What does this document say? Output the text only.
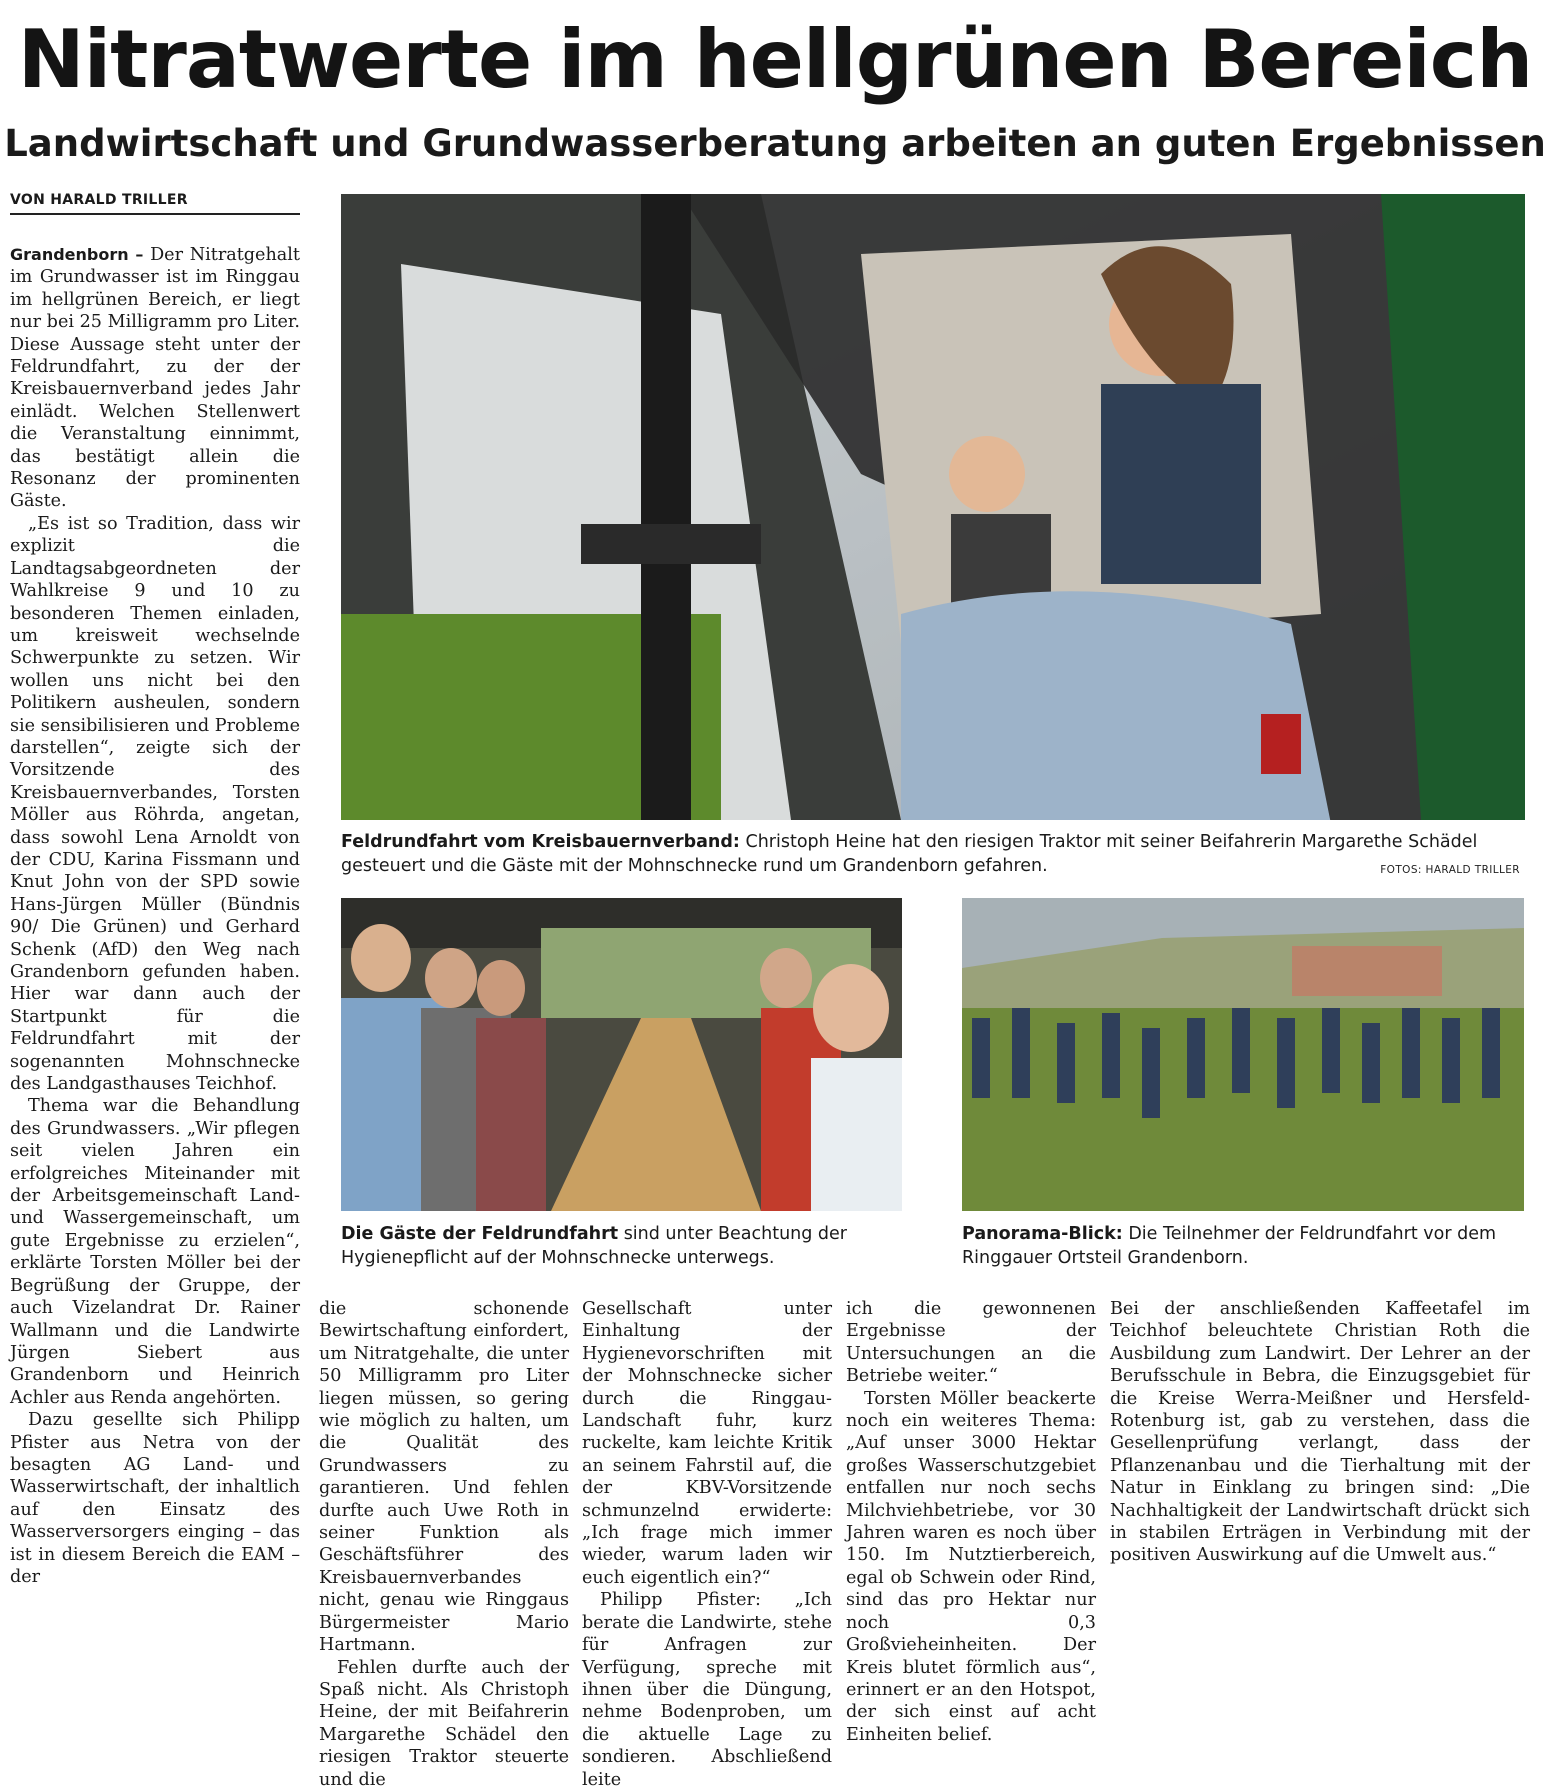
Nitratwerte im hellgrünen Bereich
Landwirtschaft und Grundwasserberatung arbeiten an guten Ergebnissen
VON HARALD TRILLER

Grandenborn – Der Nitratgehalt im Grundwasser ist im Ringgau im hellgrünen Bereich, er liegt nur bei 25 Milligramm pro Liter. Diese Aussage steht unter der Feldrundfahrt, zu der der Kreisbauernverband jedes Jahr einlädt. Welchen Stellenwert die Veranstaltung einnimmt, das bestätigt allein die Resonanz der prominenten Gäste.

„Es ist so Tradition, dass wir explizit die Landtagsabgeordneten der Wahlkreise 9 und 10 zu besonderen Themen einladen, um kreisweit wechselnde Schwerpunkte zu setzen. Wir wollen uns nicht bei den Politikern ausheulen, sondern sie sensibilisieren und Probleme darstellen“, zeigte sich der Vorsitzende des Kreisbauernverbandes, Torsten Möller aus Röhrda, angetan, dass sowohl Lena Arnoldt von der CDU, Karina Fissmann und Knut John von der SPD sowie Hans-Jürgen Müller (Bündnis 90/ Die Grünen) und Gerhard Schenk (AfD) den Weg nach Grandenborn gefunden haben. Hier war dann auch der Startpunkt für die Feldrundfahrt mit der sogenannten Mohnschnecke des Landgasthauses Teichhof.

Thema war die Behandlung des Grundwassers. „Wir pflegen seit vielen Jahren ein erfolgreiches Miteinander mit der Arbeitsgemeinschaft Land- und Wassergemeinschaft, um gute Ergebnisse zu erzielen“, erklärte Torsten Möller bei der Begrüßung der Gruppe, der auch Vizelandrat Dr. Rainer Wallmann und die Landwirte Jürgen Siebert aus Grandenborn und Heinrich Achler aus Renda angehörten.

Dazu gesellte sich Philipp Pfister aus Netra von der besagten AG Land- und Wasserwirtschaft, der inhaltlich auf den Einsatz des Wasserversorgers einging – das ist in diesem Bereich die EAM – der

Feldrundfahrt vom Kreisbauernverband: Christoph Heine hat den riesigen Traktor mit seiner Beifahrerin Margarethe Schädel gesteuert und die Gäste mit der Mohnschnecke rund um Grandenborn gefahren.	FOTOS: HARALD TRILLER
Die Gäste der Feldrundfahrt sind unter Beachtung der Hygienepflicht auf der Mohnschnecke unterwegs.
Panorama-Blick: Die Teilnehmer der Feldrundfahrt vor dem Ringgauer Ortsteil Grandenborn.

die schonende Bewirtschaftung einfordert, um Nitratgehalte, die unter 50 Milligramm pro Liter liegen müssen, so gering wie möglich zu halten, um die Qualität des Grundwassers zu garantieren. Und fehlen durfte auch Uwe Roth in seiner Funktion als Geschäftsführer des Kreisbauernverbandes nicht, genau wie Ringgaus Bürgermeister Mario Hartmann.

Fehlen durfte auch der Spaß nicht. Als Christoph Heine, der mit Beifahrerin Margarethe Schädel den riesigen Traktor steuerte und die

Gesellschaft unter Einhaltung der Hygienevorschriften mit der Mohnschnecke sicher durch die Ringgau-Landschaft fuhr, kurz ruckelte, kam leichte Kritik an seinem Fahrstil auf, die der KBV-Vorsitzende schmunzelnd erwiderte: „Ich frage mich immer wieder, warum laden wir euch eigentlich ein?“

Philipp Pfister: „Ich berate die Landwirte, stehe für Anfragen zur Verfügung, spreche mit ihnen über die Düngung, nehme Bodenproben, um die aktuelle Lage zu sondieren. Abschließend leite

ich die gewonnenen Ergebnisse der Untersuchungen an die Betriebe weiter.“

Torsten Möller beackerte noch ein weiteres Thema: „Auf unser 3000 Hektar großes Wasserschutzgebiet entfallen nur noch sechs Milchviehbetriebe, vor 30 Jahren waren es noch über 150. Im Nutztierbereich, egal ob Schwein oder Rind, sind das pro Hektar nur noch 0,3 Großvieheinheiten. Der Kreis blutet förmlich aus“, erinnert er an den Hotspot, der sich einst auf acht Einheiten belief.

Bei der anschließenden Kaffeetafel im Teichhof beleuchtete Christian Roth die Ausbildung zum Landwirt. Der Lehrer an der Berufsschule in Bebra, die Einzugsgebiet für die Kreise Werra-Meißner und Hersfeld-Rotenburg ist, gab zu verstehen, dass die Gesellenprüfung verlangt, dass der Pflanzenanbau und die Tierhaltung mit der Natur in Einklang zu bringen sind: „Die Nachhaltigkeit der Landwirtschaft drückt sich in stabilen Erträgen in Verbindung mit der positiven Auswirkung auf die Umwelt aus.“
